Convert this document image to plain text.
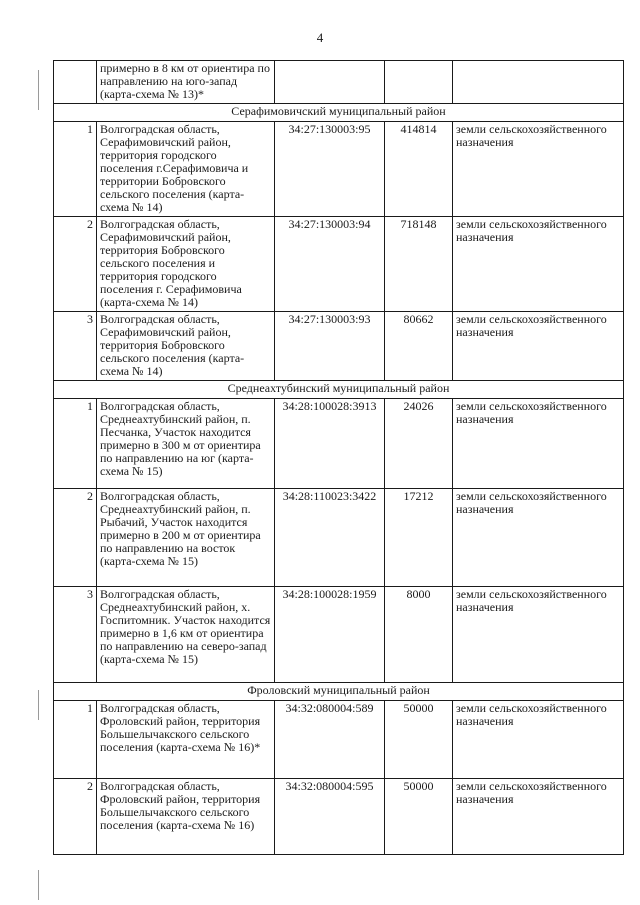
4
	примерно в 8 км от ориентира по направлению на юго-запад (карта-схема № 13)*			
Серафимовичский муниципальный район				
1	Волгоградская область, Серафимовичский район, территория городского поселения г.Серафимовича и территории Бобровского сельского поселения (карта-схема № 14)	34:27:130003:95	414814	земли сельскохозяйственного назначения
2	Волгоградская область, Серафимовичский район, территория Бобровского сельского поселения и территория городского поселения г. Серафимовича (карта-схема № 14)	34:27:130003:94	718148	земли сельскохозяйственного назначения
3	Волгоградская область, Серафимовичский район, территория Бобровского сельского поселения (карта-схема № 14)	34:27:130003:93	80662	земли сельскохозяйственного назначения
Среднеахтубинский муниципальный район				
1	Волгоградская область, Среднеахтубинский район, п. Песчанка, Участок находится примерно в 300 м от ориентира по направлению на юг (карта-схема № 15)	34:28:100028:3913	24026	земли сельскохозяйственного назначения
2	Волгоградская область, Среднеахтубинский район, п. Рыбачий, Участок находится примерно в 200 м от ориентира по направлению на восток (карта-схема № 15)	34:28:110023:3422	17212	земли сельскохозяйственного назначения
3	Волгоградская область, Среднеахтубинский район, х. Госпитомник. Участок находится примерно в 1,6 км от ориентира по направлению на северо-запад (карта-схема № 15)	34:28:100028:1959	8000	земли сельскохозяйственного назначения
Фроловский муниципальный район				
1	Волгоградская область, Фроловский район, территория Большелычакского сельского поселения (карта-схема № 16)*	34:32:080004:589	50000	земли сельскохозяйственного назначения
2	Волгоградская область, Фроловский район, территория Большелычакского сельского поселения (карта-схема № 16)	34:32:080004:595	50000	земли сельскохозяйственного назначения
